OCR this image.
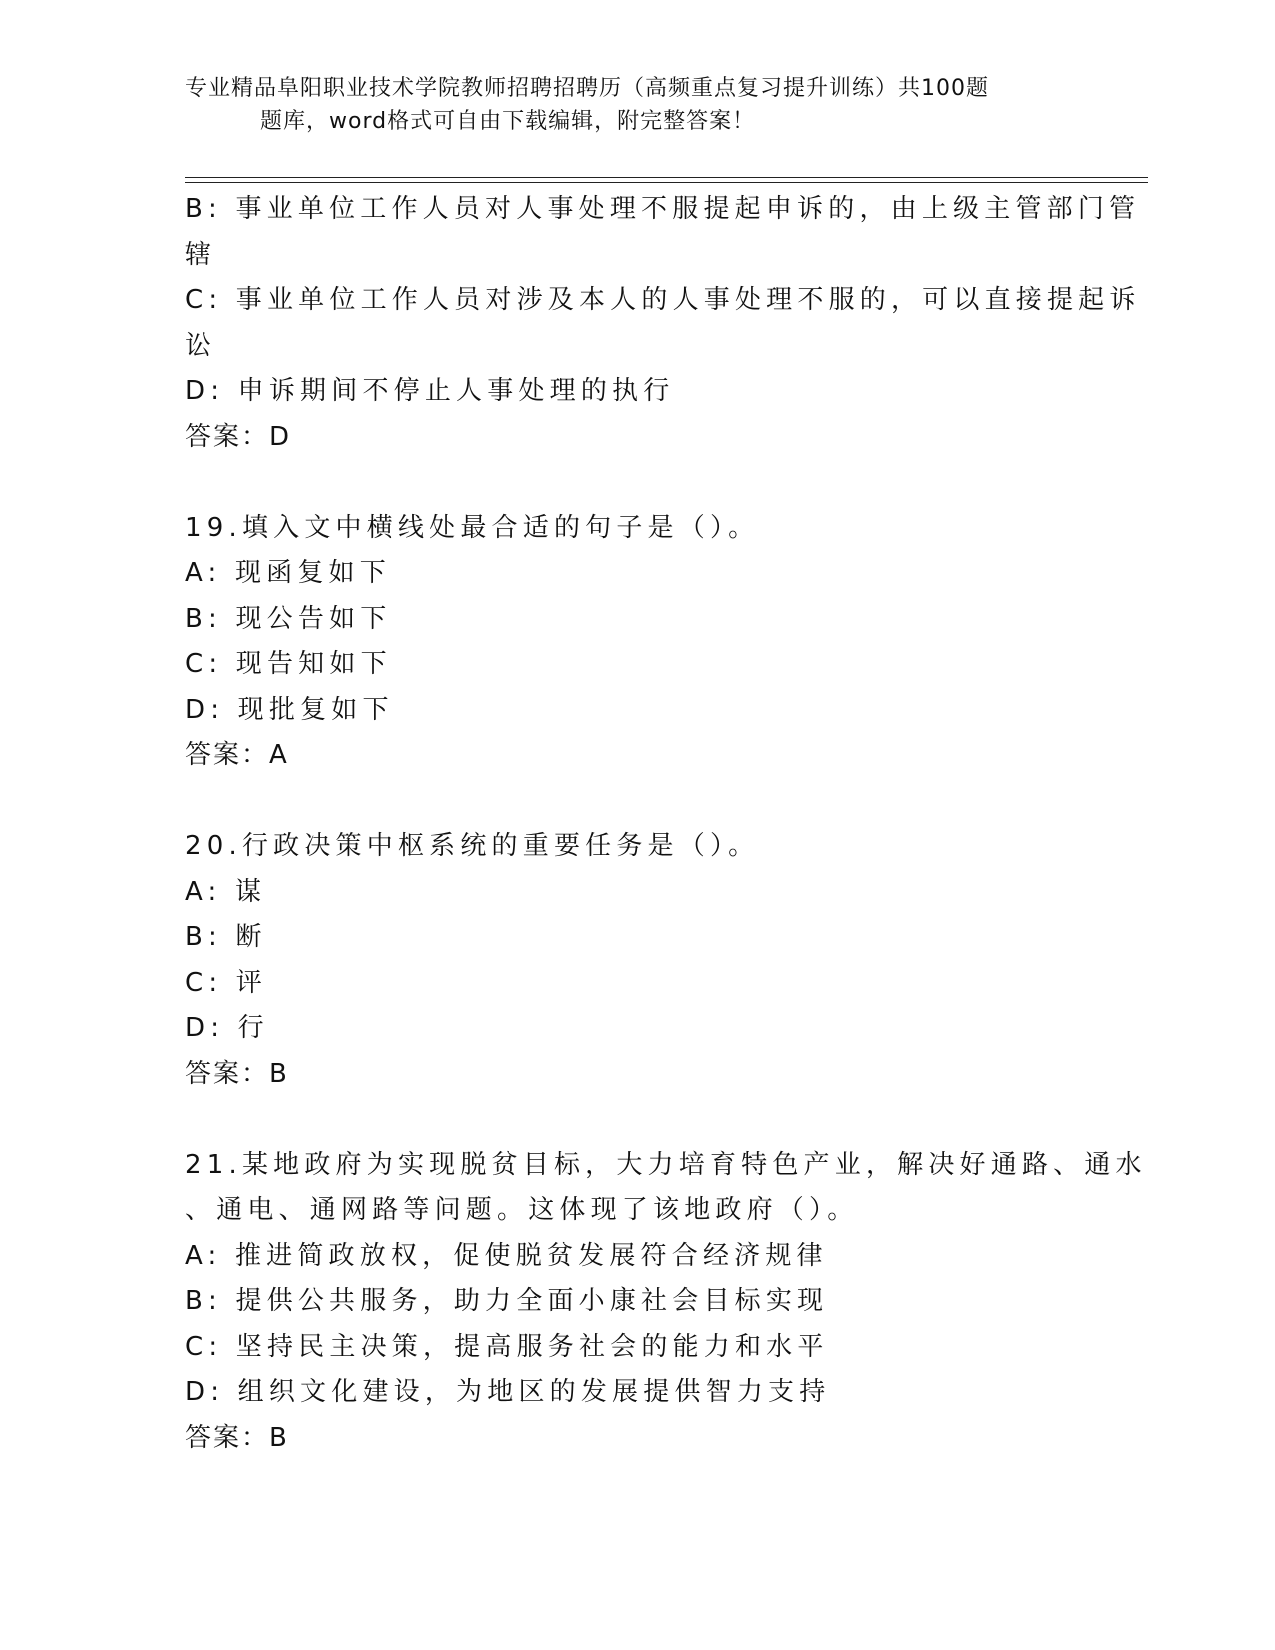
专业精品阜阳职业技术学院教师招聘招聘历（高频重点复习提升训练）共100题
题库，word格式可自由下载编辑，附完整答案！
B: 事业单位工作人员对人事处理不服提起申诉的，由上级主管部门管
辖
C: 事业单位工作人员对涉及本人的人事处理不服的，可以直接提起诉
讼
D: 申诉期间不停止人事处理的执行
答案：D
19.填入文中横线处最合适的句子是（）。
A: 现函复如下
B: 现公告如下
C: 现告知如下
D: 现批复如下
答案：A
20.行政决策中枢系统的重要任务是（）。
A: 谋
B: 断
C: 评
D: 行
答案：B
21.某地政府为实现脱贫目标，大力培育特色产业，解决好通路、通水
、通电、通网路等问题。这体现了该地政府（）。
A: 推进简政放权，促使脱贫发展符合经济规律
B: 提供公共服务，助力全面小康社会目标实现
C: 坚持民主决策，提高服务社会的能力和水平
D: 组织文化建设，为地区的发展提供智力支持
答案：B
